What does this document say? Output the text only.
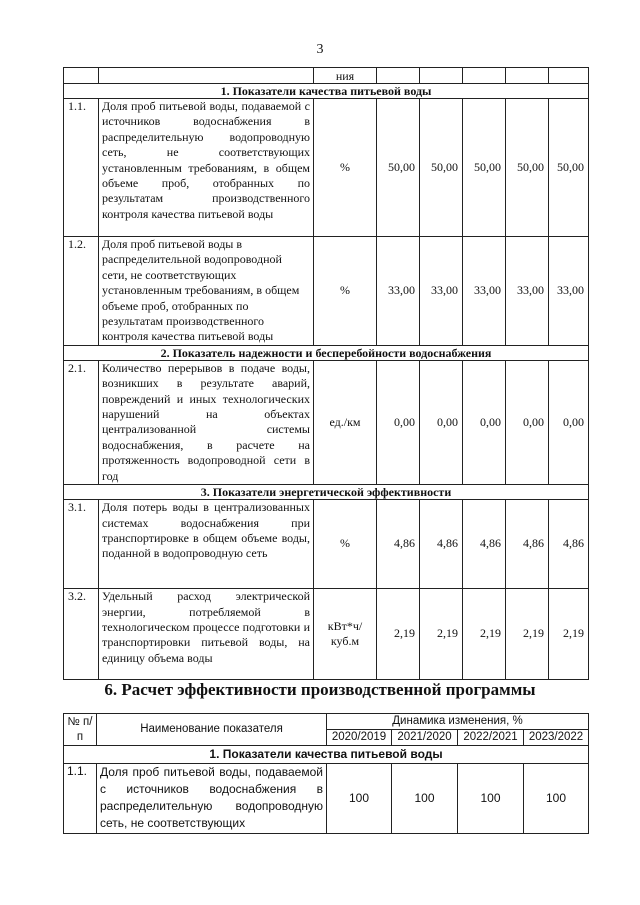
3
		ния					
1. Показатели качества питьевой воды							
1.1.	Доля проб питьевой воды, подаваемой с источников водоснабжения в распределительную водопроводную сеть, не соответствующих установленным требованиям, в общем объеме проб, отобранных по результатам производственного контроля качества питьевой воды	%	50,00	50,00	50,00	50,00	50,00
1.2.	Доля проб питьевой воды в распределительной водопроводной сети, не соответствующих установленным требованиям, в общем объеме проб, отобранных по результатам производственного контроля качества питьевой воды	%	33,00	33,00	33,00	33,00	33,00
2. Показатель надежности и бесперебойности водоснабжения							
2.1.	Количество перерывов в подаче воды, возникших в результате аварий, повреждений и иных технологических нарушений на объектах централизованной системы водоснабжения, в расчете на протяженность водопроводной сети в год	ед./км	0,00	0,00	0,00	0,00	0,00
3. Показатели энергетической эффективности							
3.1.	Доля потерь воды в централизованных системах водоснабжения при транспортировке в общем объеме воды, поданной в водопроводную сеть	%	4,86	4,86	4,86	4,86	4,86
3.2.	Удельный расход электрической энергии, потребляемой в технологическом процессе подготовки и транспортировки питьевой воды, на единицу объема воды	кВт*ч/ куб.м	2,19	2,19	2,19	2,19	2,19
6. Расчет эффективности производственной программы
№ п/п	Наименование показателя	Динамика изменения, %			
		2020/2019	2021/2020	2022/2021	2023/2022
1. Показатели качества питьевой воды					
1.1.	Доля проб питьевой воды, подаваемой с источников водоснабжения в распределительную водопроводную сеть, не соответствующих	100	100	100	100
